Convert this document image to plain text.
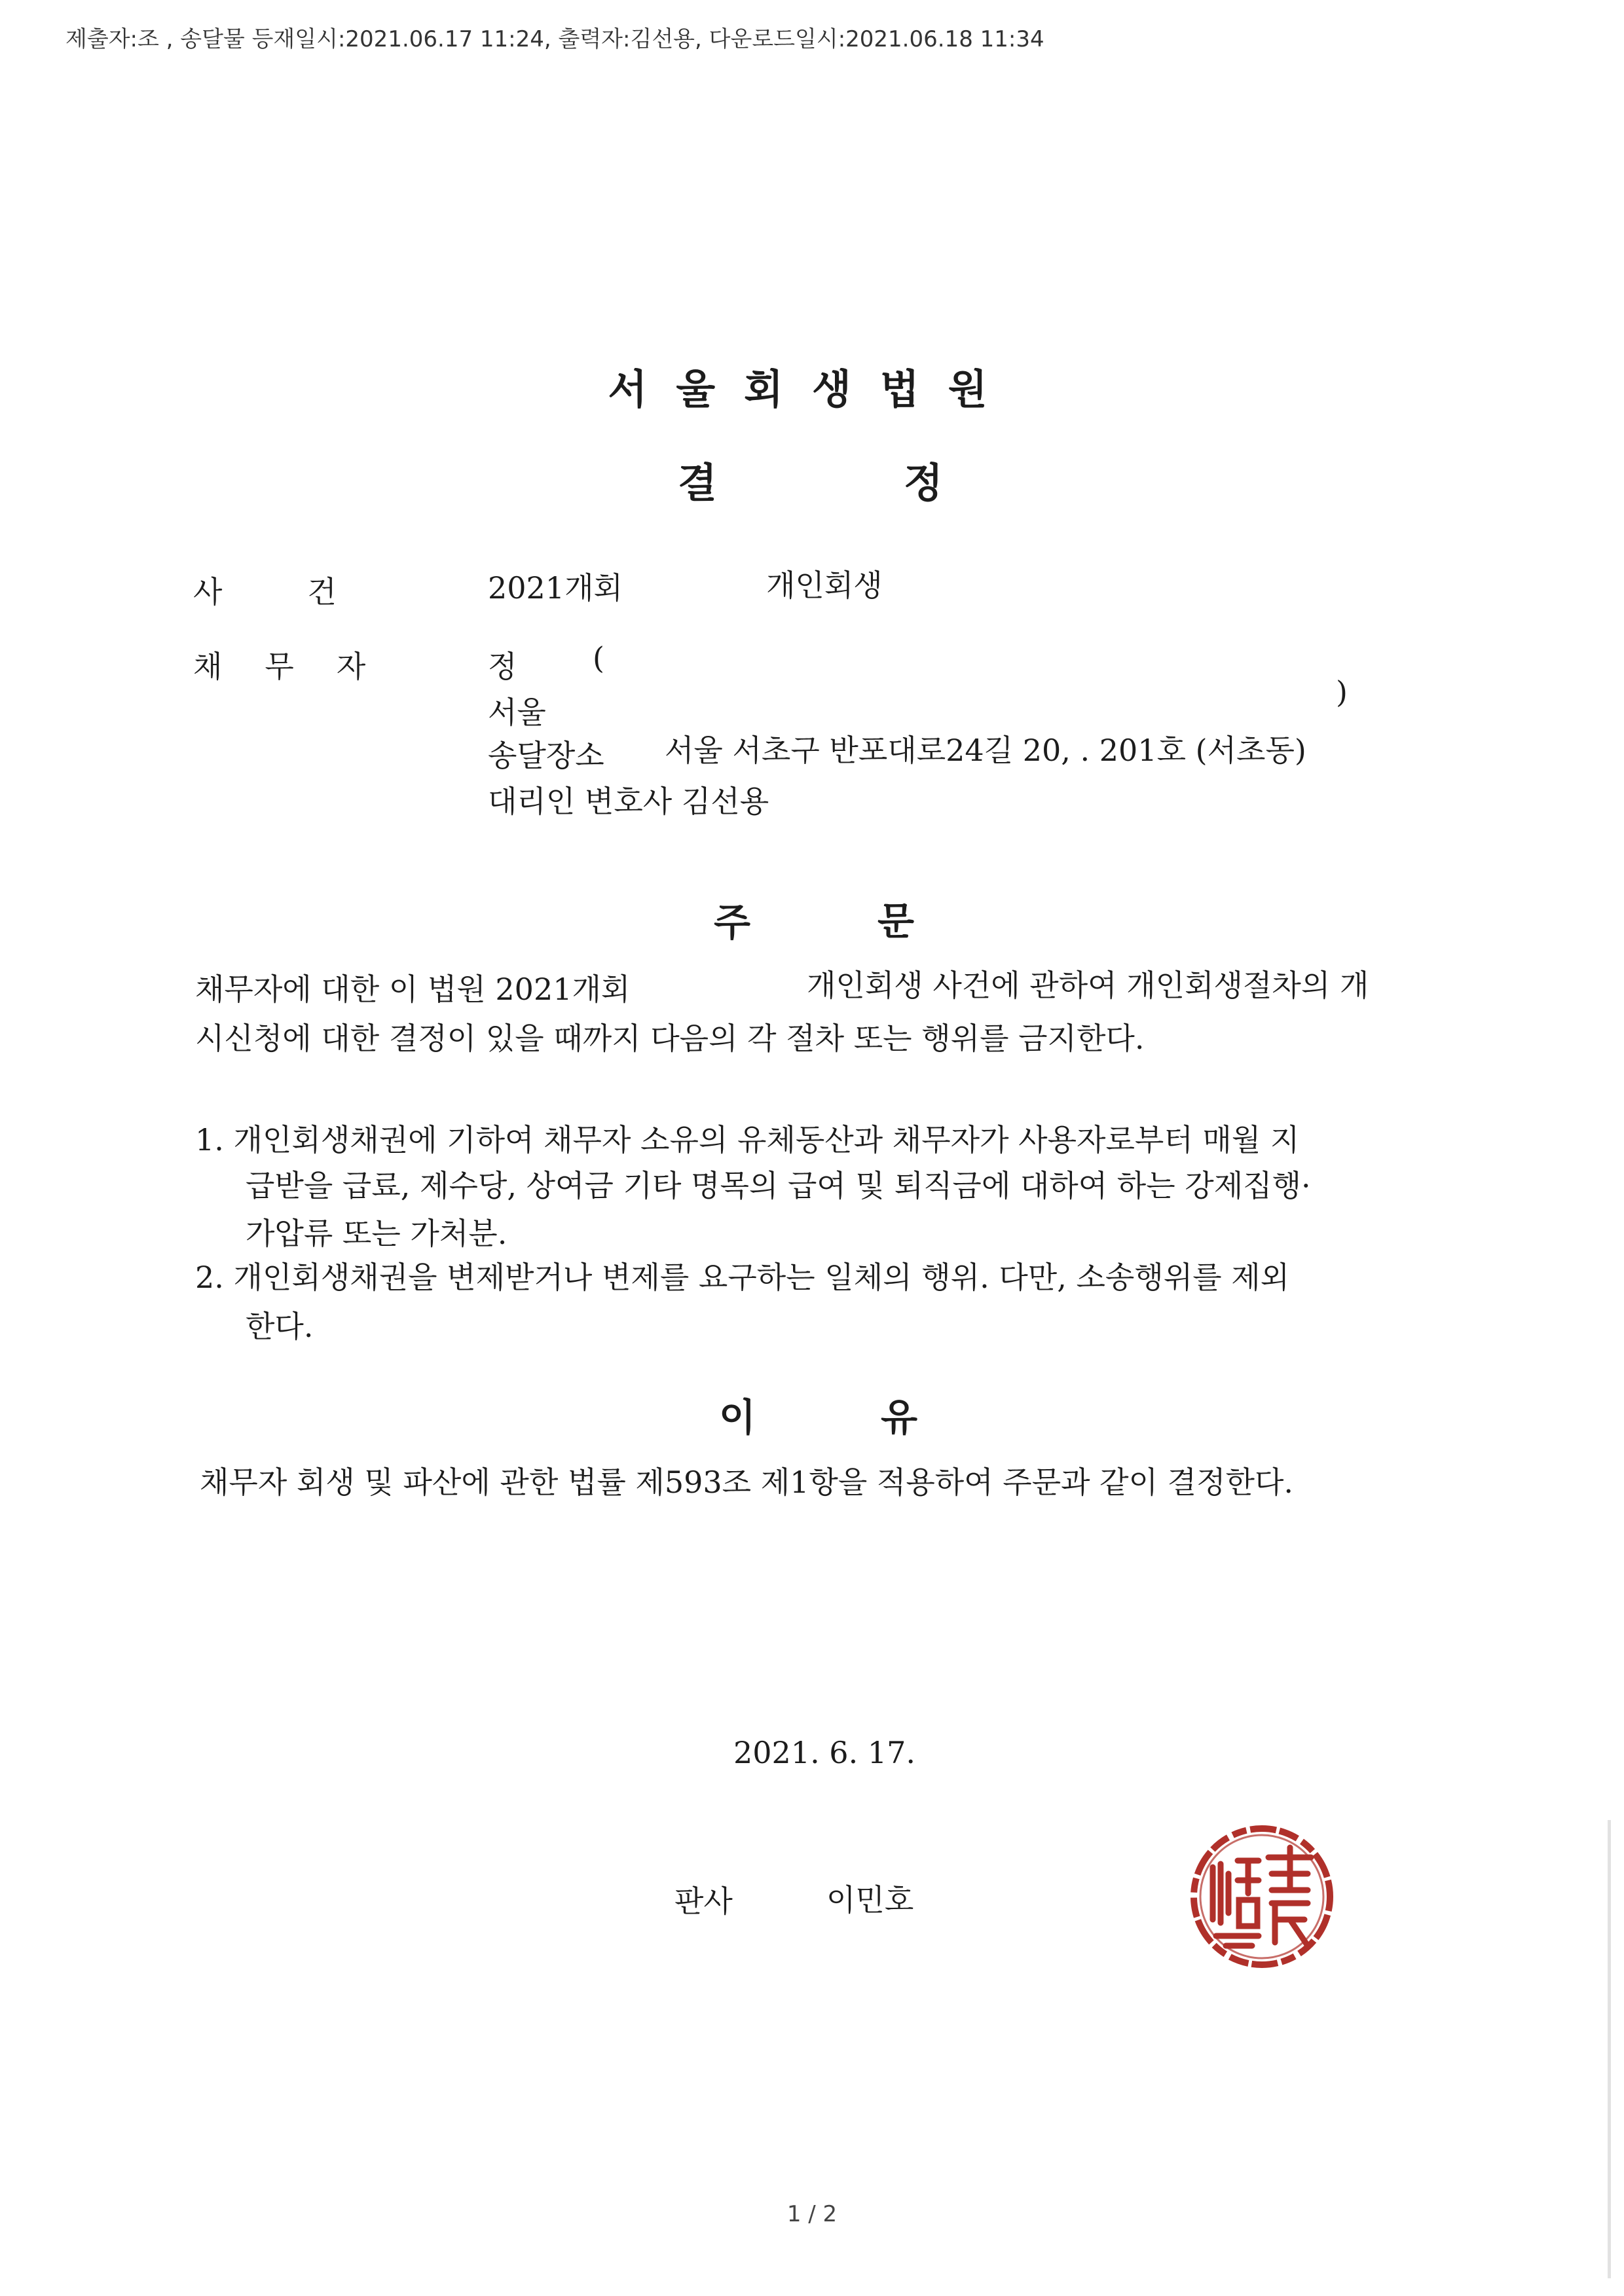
제출자:조 , 송달물 등재일시:2021.06.17 11:24, 출력자:김선용, 다운로드일시:2021.06.18 11:34
서울회생법원
결	정
사건 2021개회	개인회생
채무자	정	(
서울
)
송달장소 서울 서초구 반포대로24길 20, . 201호 (서초동)
대리인 변호사 김선용
주	문
채무자에 대한 이 법원 2021개회	개인회생 사건에 관하여 개인회생절차의 개
시신청에 대한 결정이 있을 때까지 다음의 각 절차 또는 행위를 금지한다.
1. 개인회생채권에 기하여 채무자 소유의 유체동산과 채무자가 사용자로부터 매월 지
급받을 급료, 제수당, 상여금 기타 명목의 급여 및 퇴직금에 대하여 하는 강제집행·
가압류 또는 가처분.
2. 개인회생채권을 변제받거나 변제를 요구하는 일체의 행위. 다만, 소송행위를 제외
한다.
이	유
채무자 회생 및 파산에 관한 법률 제593조 제1항을 적용하여 주문과 같이 결정한다.
2021. 6. 17.
판사	이민호
1 / 2
